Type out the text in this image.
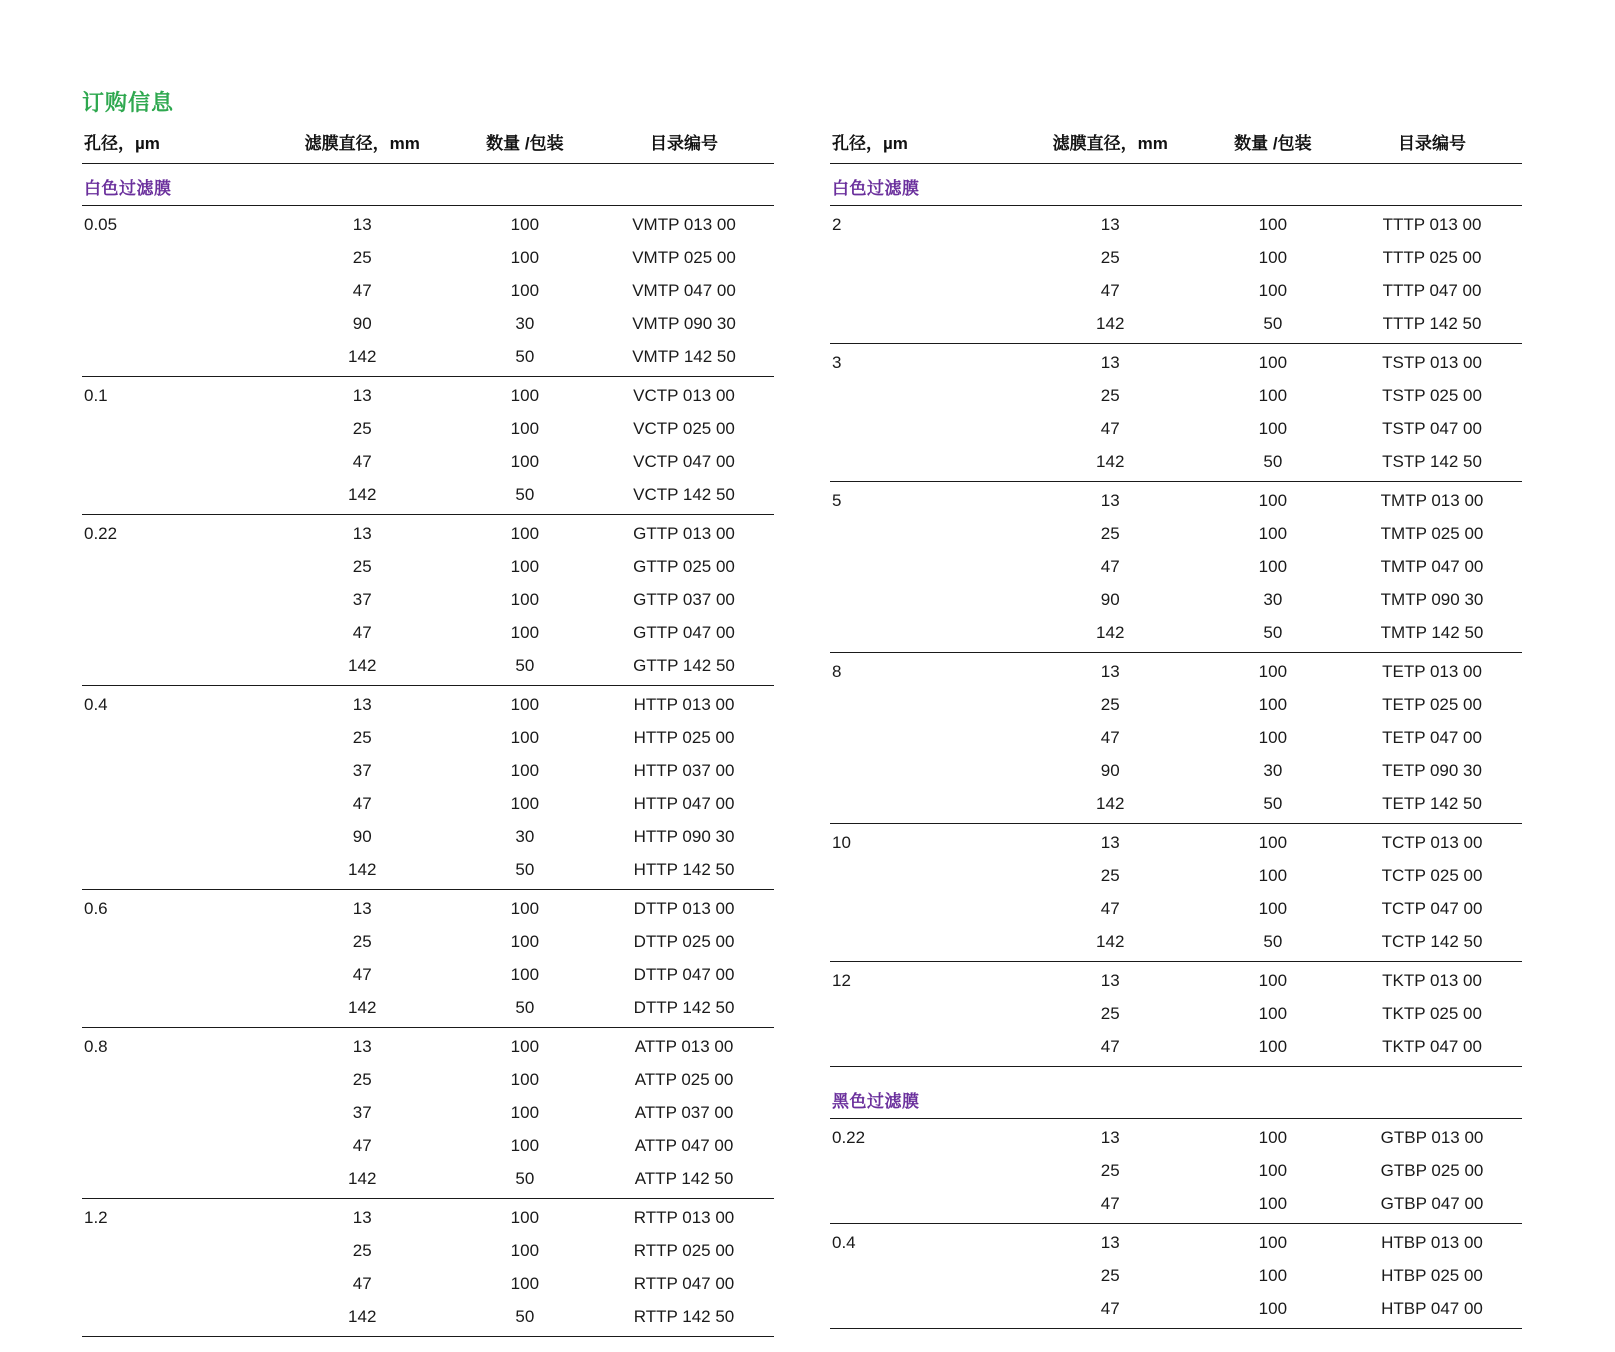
订购信息
孔径，µm	滤膜直径，mm	数量 /包装	目录编号
白色过滤膜			
0.05	13	100	VMTP 013 00
	25	100	VMTP 025 00
	47	100	VMTP 047 00
	90	30	VMTP 090 30
	142	50	VMTP 142 50
0.1	13	100	VCTP 013 00
	25	100	VCTP 025 00
	47	100	VCTP 047 00
	142	50	VCTP 142 50
0.22	13	100	GTTP 013 00
	25	100	GTTP 025 00
	37	100	GTTP 037 00
	47	100	GTTP 047 00
	142	50	GTTP 142 50
0.4	13	100	HTTP 013 00
	25	100	HTTP 025 00
	37	100	HTTP 037 00
	47	100	HTTP 047 00
	90	30	HTTP 090 30
	142	50	HTTP 142 50
0.6	13	100	DTTP 013 00
	25	100	DTTP 025 00
	47	100	DTTP 047 00
	142	50	DTTP 142 50
0.8	13	100	ATTP 013 00
	25	100	ATTP 025 00
	37	100	ATTP 037 00
	47	100	ATTP 047 00
	142	50	ATTP 142 50
1.2	13	100	RTTP 013 00
	25	100	RTTP 025 00
	47	100	RTTP 047 00
	142	50	RTTP 142 50
孔径，µm	滤膜直径，mm	数量 /包装	目录编号
白色过滤膜			
2	13	100	TTTP 013 00
	25	100	TTTP 025 00
	47	100	TTTP 047 00
	142	50	TTTP 142 50
3	13	100	TSTP 013 00
	25	100	TSTP 025 00
	47	100	TSTP 047 00
	142	50	TSTP 142 50
5	13	100	TMTP 013 00
	25	100	TMTP 025 00
	47	100	TMTP 047 00
	90	30	TMTP 090 30
	142	50	TMTP 142 50
8	13	100	TETP 013 00
	25	100	TETP 025 00
	47	100	TETP 047 00
	90	30	TETP 090 30
	142	50	TETP 142 50
10	13	100	TCTP 013 00
	25	100	TCTP 025 00
	47	100	TCTP 047 00
	142	50	TCTP 142 50
12	13	100	TKTP 013 00
	25	100	TKTP 025 00
	47	100	TKTP 047 00

黑色过滤膜			
0.22	13	100	GTBP 013 00
	25	100	GTBP 025 00
	47	100	GTBP 047 00
0.4	13	100	HTBP 013 00
	25	100	HTBP 025 00
	47	100	HTBP 047 00
